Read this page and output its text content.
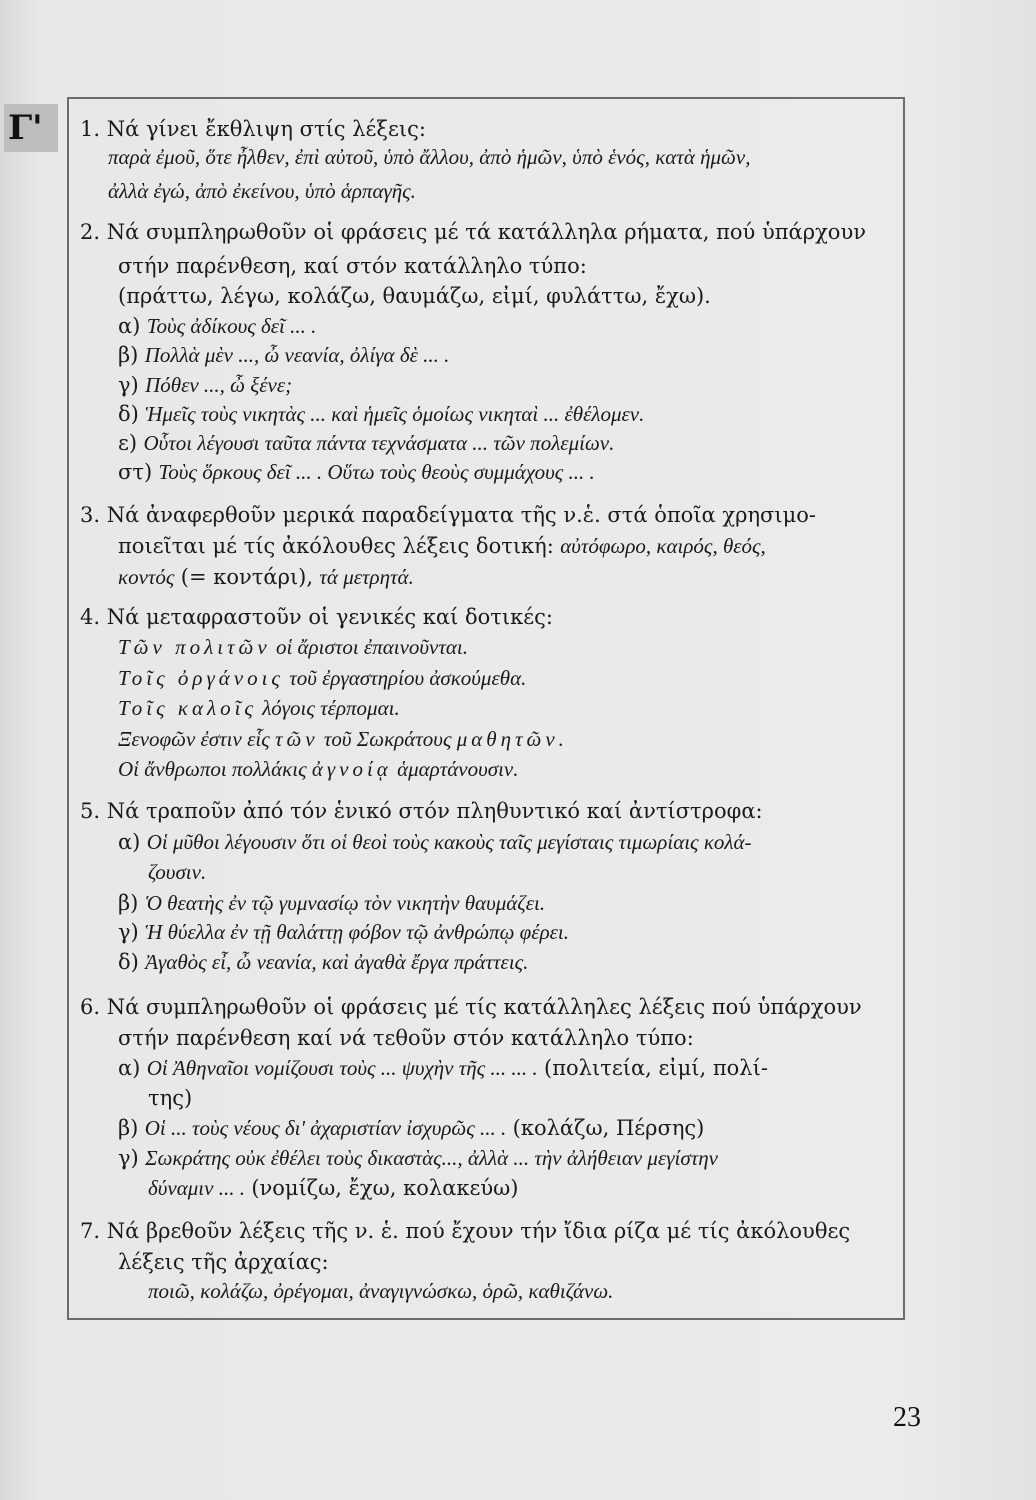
Γ' 1. Νά γίνει ἔκθλιψη στίς λέξεις:
παρὰ ἐμοῦ, ὅτε ἦλθεν, ἐπὶ αὐτοῦ, ὑπὸ ἄλλου, ἀπὸ ἡμῶν, ὑπὸ ἑνός, κατὰ ἡμῶν,
ἀλλὰ ἐγώ, ἀπὸ ἐκείνου, ὑπὸ ἁρπαγῆς.
2. Νά συμπληρωθοῦν οἱ φράσεις μέ τά κατάλληλα ρήματα, πού ὑπάρχουν
στήν παρένθεση, καί στόν κατάλληλο τύπο:
(πράττω, λέγω, κολάζω, θαυμάζω, εἰμί, φυλάττω, ἔχω).
α) Τοὺς ἀδίκους δεῖ ... .
β) Πολλὰ μὲν ..., ὦ νεανία, ὀλίγα δὲ ... .
γ) Πόθεν ..., ὦ ξένε;
δ) Ἡμεῖς τοὺς νικητὰς ... καὶ ἡμεῖς ὁμοίως νικηταὶ ... ἐθέλομεν.
ε) Οὗτοι λέγουσι ταῦτα πάντα τεχνάσματα ... τῶν πολεμίων.
στ) Τοὺς ὅρκους δεῖ ... . Οὕτω τοὺς θεοὺς συμμάχους ... .
3. Νά ἀναφερθοῦν μερικά παραδείγματα τῆς ν.ἑ. στά ὁποῖα χρησιμο-
ποιεῖται μέ τίς ἀκόλουθες λέξεις δοτική: αὐτόφωρο, καιρός, θεός,
κοντός (= κοντάρι), τά μετρητά.
4. Νά μεταφραστοῦν οἱ γενικές καί δοτικές:
Τῶν πολιτῶν οἱ ἄριστοι ἐπαινοῦνται.
Τοῖς ὀργάνοις τοῦ ἐργαστηρίου ἀσκούμεθα.
Τοῖς καλοῖς λόγοις τέρπομαι.
Ξενοφῶν ἐστιν εἷς τῶν τοῦ Σωκράτους μαθητῶν.
Οἱ ἄνθρωποι πολλάκις ἀγνοίᾳ ἁμαρτάνουσιν.
5. Νά τραποῦν ἀπό τόν ἑνικό στόν πληθυντικό καί ἀντίστροφα:
α) Οἱ μῦθοι λέγουσιν ὅτι οἱ θεοὶ τοὺς κακοὺς ταῖς μεγίσταις τιμωρίαις κολά-
ζουσιν.
β) Ὁ θεατὴς ἐν τῷ γυμνασίῳ τὸν νικητὴν θαυμάζει.
γ) Ἡ θύελλα ἐν τῇ θαλάττῃ φόβον τῷ ἀνθρώπῳ φέρει.
δ) Ἀγαθὸς εἶ, ὦ νεανία, καὶ ἀγαθὰ ἔργα πράττεις.
6. Νά συμπληρωθοῦν οἱ φράσεις μέ τίς κατάλληλες λέξεις πού ὑπάρχουν
στήν παρένθεση καί νά τεθοῦν στόν κατάλληλο τύπο:
α) Οἱ Ἀθηναῖοι νομίζουσι τοὺς ... ψυχὴν τῆς ... ... . (πολιτεία, εἰμί, πολί-
της)
β) Οἱ ... τοὺς νέους δι' ἀχαριστίαν ἰσχυρῶς ... . (κολάζω, Πέρσης)
γ) Σωκράτης οὐκ ἐθέλει τοὺς δικαστὰς..., ἀλλὰ ... τὴν ἀλήθειαν μεγίστην
δύναμιν ... . (νομίζω, ἔχω, κολακεύω)
7. Νά βρεθοῦν λέξεις τῆς ν. ἑ. πού ἔχουν τήν ἴδια ρίζα μέ τίς ἀκόλουθες
λέξεις τῆς ἀρχαίας:
ποιῶ, κολάζω, ὀρέγομαι, ἀναγιγνώσκω, ὁρῶ, καθιζάνω.
23
